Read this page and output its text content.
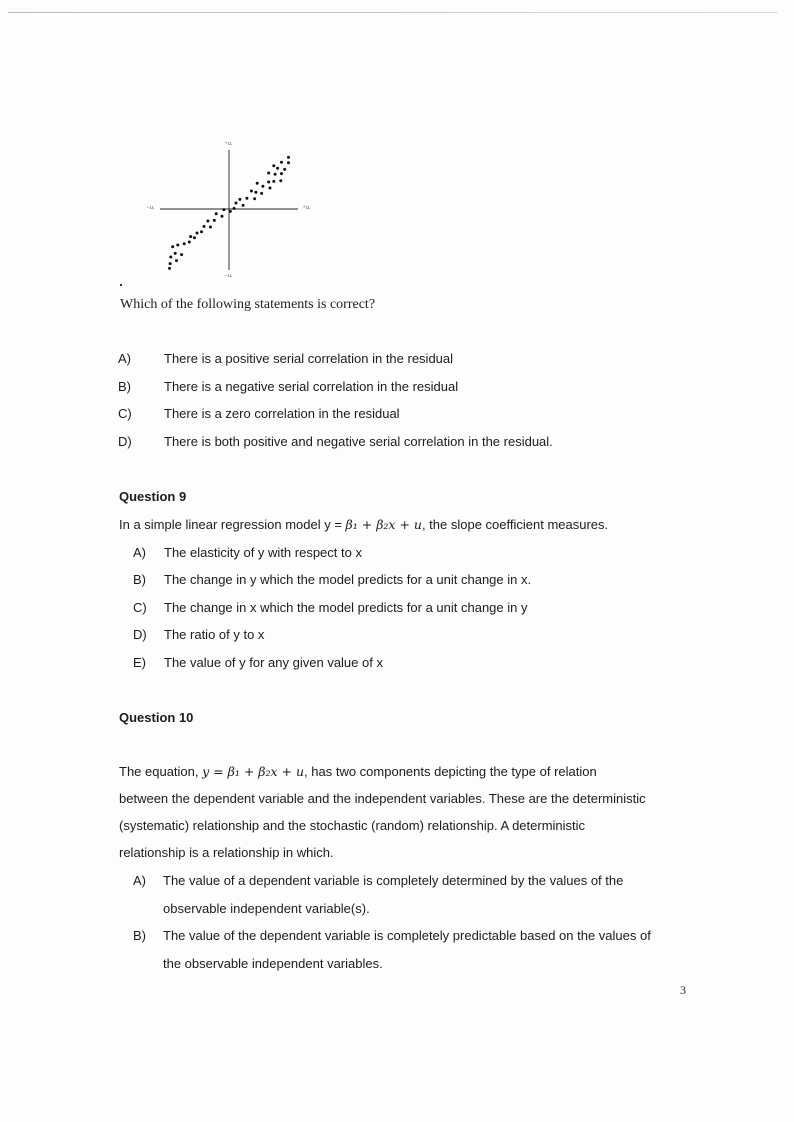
+uᵢ
−uᵢ
−uᵢ	+uᵢ
Which of the following statements is correct?
A)	There is a positive serial correlation in the residual
B)	There is a negative serial correlation in the residual
C) There is a zero correlation in the residual
D) There is both positive and negative serial correlation in the residual.
Question 9
In a simple linear regression model y = β₁ + β₂x + u, the slope coefficient measures.
A) The elasticity of y with respect to x
B) The change in y which the model predicts for a unit change in x.
C) The change in x which the model predicts for a unit change in y
D) The ratio of y to x
E) The value of y for any given value of x
Question 10
The equation, y = β₁ + β₂x + u, has two components depicting the type of relation
between the dependent variable and the independent variables. These are the deterministic
(systematic) relationship and the stochastic (random) relationship. A deterministic
relationship is a relationship in which.
A) The value of a dependent variable is completely determined by the values of the
observable independent variable(s).
B) The value of the dependent variable is completely predictable based on the values of
the observable independent variables.
3
